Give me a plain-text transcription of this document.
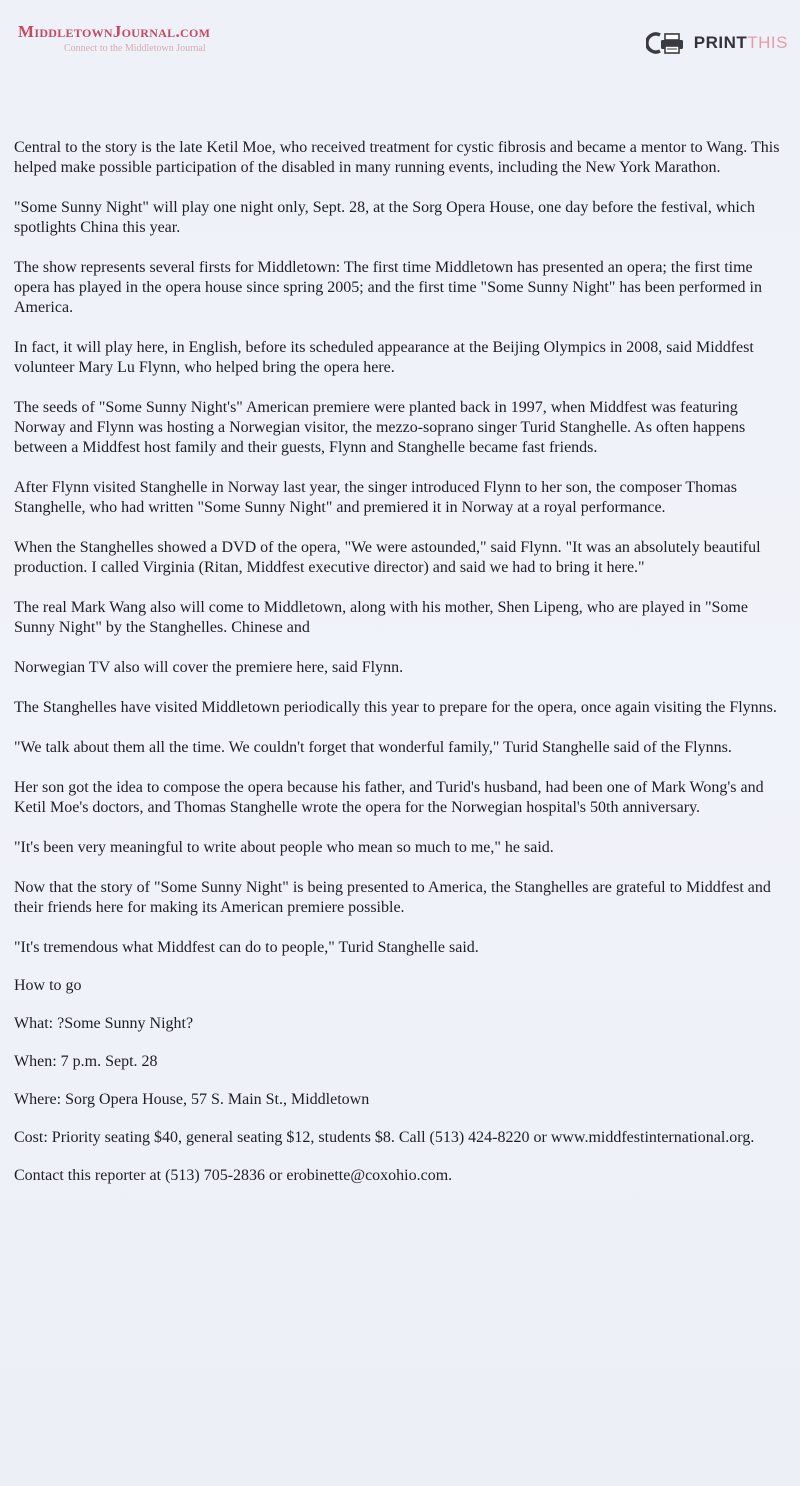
MiddletownJournal.com
Connect to the Middletown Journal	PRINT THIS

Central to the story is the late Ketil Moe, who received treatment for cystic fibrosis and became a mentor to Wang. This helped make possible participation of the disabled in many running events, including the New York Marathon.

"Some Sunny Night" will play one night only, Sept. 28, at the Sorg Opera House, one day before the festival, which spotlights China this year.

The show represents several firsts for Middletown: The first time Middletown has presented an opera; the first time opera has played in the opera house since spring 2005; and the first time "Some Sunny Night" has been performed in America.

In fact, it will play here, in English, before its scheduled appearance at the Beijing Olympics in 2008, said Middfest volunteer Mary Lu Flynn, who helped bring the opera here.

The seeds of "Some Sunny Night's" American premiere were planted back in 1997, when Middfest was featuring Norway and Flynn was hosting a Norwegian visitor, the mezzo-soprano singer Turid Stanghelle. As often happens between a Middfest host family and their guests, Flynn and Stanghelle became fast friends.

After Flynn visited Stanghelle in Norway last year, the singer introduced Flynn to her son, the composer Thomas Stanghelle, who had written "Some Sunny Night" and premiered it in Norway at a royal performance.

When the Stanghelles showed a DVD of the opera, "We were astounded," said Flynn. "It was an absolutely beautiful production. I called Virginia (Ritan, Middfest executive director) and said we had to bring it here."

The real Mark Wang also will come to Middletown, along with his mother, Shen Lipeng, who are played in "Some Sunny Night" by the Stanghelles. Chinese and

Norwegian TV also will cover the premiere here, said Flynn.

The Stanghelles have visited Middletown periodically this year to prepare for the opera, once again visiting the Flynns.

"We talk about them all the time. We couldn't forget that wonderful family," Turid Stanghelle said of the Flynns.

Her son got the idea to compose the opera because his father, and Turid's husband, had been one of Mark Wong's and Ketil Moe's doctors, and Thomas Stanghelle wrote the opera for the Norwegian hospital's 50th anniversary.

"It's been very meaningful to write about people who mean so much to me," he said.

Now that the story of "Some Sunny Night" is being presented to America, the Stanghelles are grateful to Middfest and their friends here for making its American premiere possible.

"It's tremendous what Middfest can do to people," Turid Stanghelle said.

How to go

What: ?Some Sunny Night?

When: 7 p.m. Sept. 28

Where: Sorg Opera House, 57 S. Main St., Middletown

Cost: Priority seating $40, general seating $12, students $8. Call (513) 424-8220 or www.middfestinternational.org.

Contact this reporter at (513) 705-2836 or erobinette@coxohio.com.
